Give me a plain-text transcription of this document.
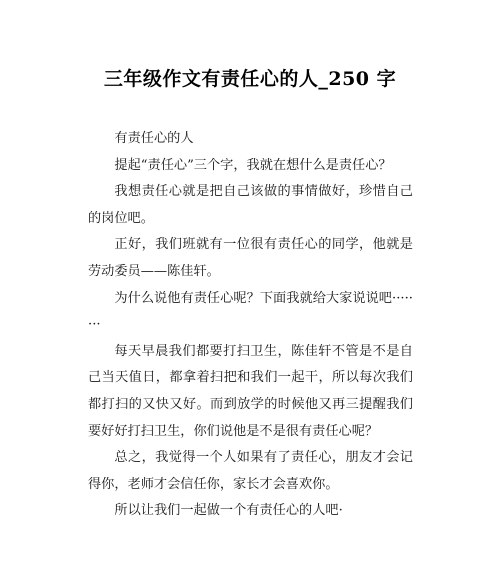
三年级作文有责任心的人_250 字

有责任心的人

提起“责任心”三个字，我就在想什么是责任心？

我想责任心就是把自己该做的事情做好，珍惜自己的岗位吧。

正好，我们班就有一位很有责任心的同学，他就是劳动委员——陈佳轩。

为什么说他有责任心呢？下面我就给大家说说吧········

每天早晨我们都要打扫卫生，陈佳轩不管是不是自己当天值日，都拿着扫把和我们一起干，所以每次我们都打扫的又快又好。而到放学的时候他又再三提醒我们要好好打扫卫生，你们说他是不是很有责任心呢？

总之，我觉得一个人如果有了责任心，朋友才会记得你，老师才会信任你，家长才会喜欢你。

所以让我们一起做一个有责任心的人吧·
